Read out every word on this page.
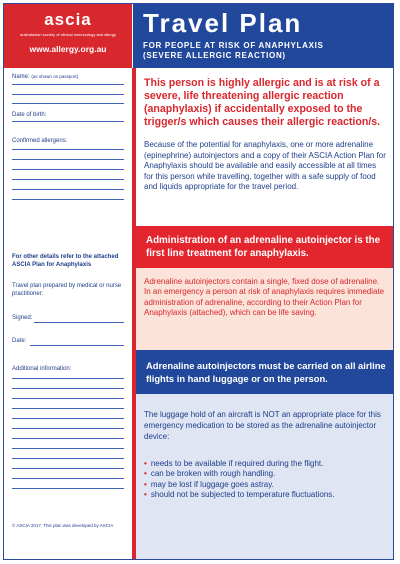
ascia
australasian society of clinical immunology and allergy
www.allergy.org.au
Travel Plan
FOR PEOPLE AT RISK OF ANAPHYLAXIS
(SEVERE ALLERGIC REACTION)
Name: (as shown on passport)
Date of birth:
Confirmed allergens:
For other details refer to the attached ASCIA Plan for Anaphylaxis
Travel plan prepared by medical or nurse practitioner:
Signed:
Date:
Additional information:
© ASCIA 2017. This plan was developed by ASCIA
This person is highly allergic and is at risk of a severe, life threatening allergic reaction (anaphylaxis) if accidentally exposed to the trigger/s which causes their allergic reaction/s.
Because of the potential for anaphylaxis, one or more adrenaline (epinephrine) autoinjectors and a copy of their ASCIA Action Plan for Anaphylaxis should be available and easily accessible at all times for this person while travelling, together with a safe supply of food and liquids appropriate for the travel period.
Administration of an adrenaline autoinjector is the first line treatment for anaphylaxis.
Adrenaline autoinjectors contain a single, fixed dose of adrenaline. In an emergency a person at risk of anaphylaxis requires immediate administration of adrenaline, according to their Action Plan for Anaphylaxis (attached), which can be life saving.
Adrenaline autoinjectors must be carried on all airline flights in hand luggage or on the person.
The luggage hold of an aircraft is NOT an appropriate place for this emergency medication to be stored as the adrenaline autoinjector device:
• needs to be available if required during the flight.
• can be broken with rough handling.
• may be lost if luggage goes astray.
• should not be subjected to temperature fluctuations.
